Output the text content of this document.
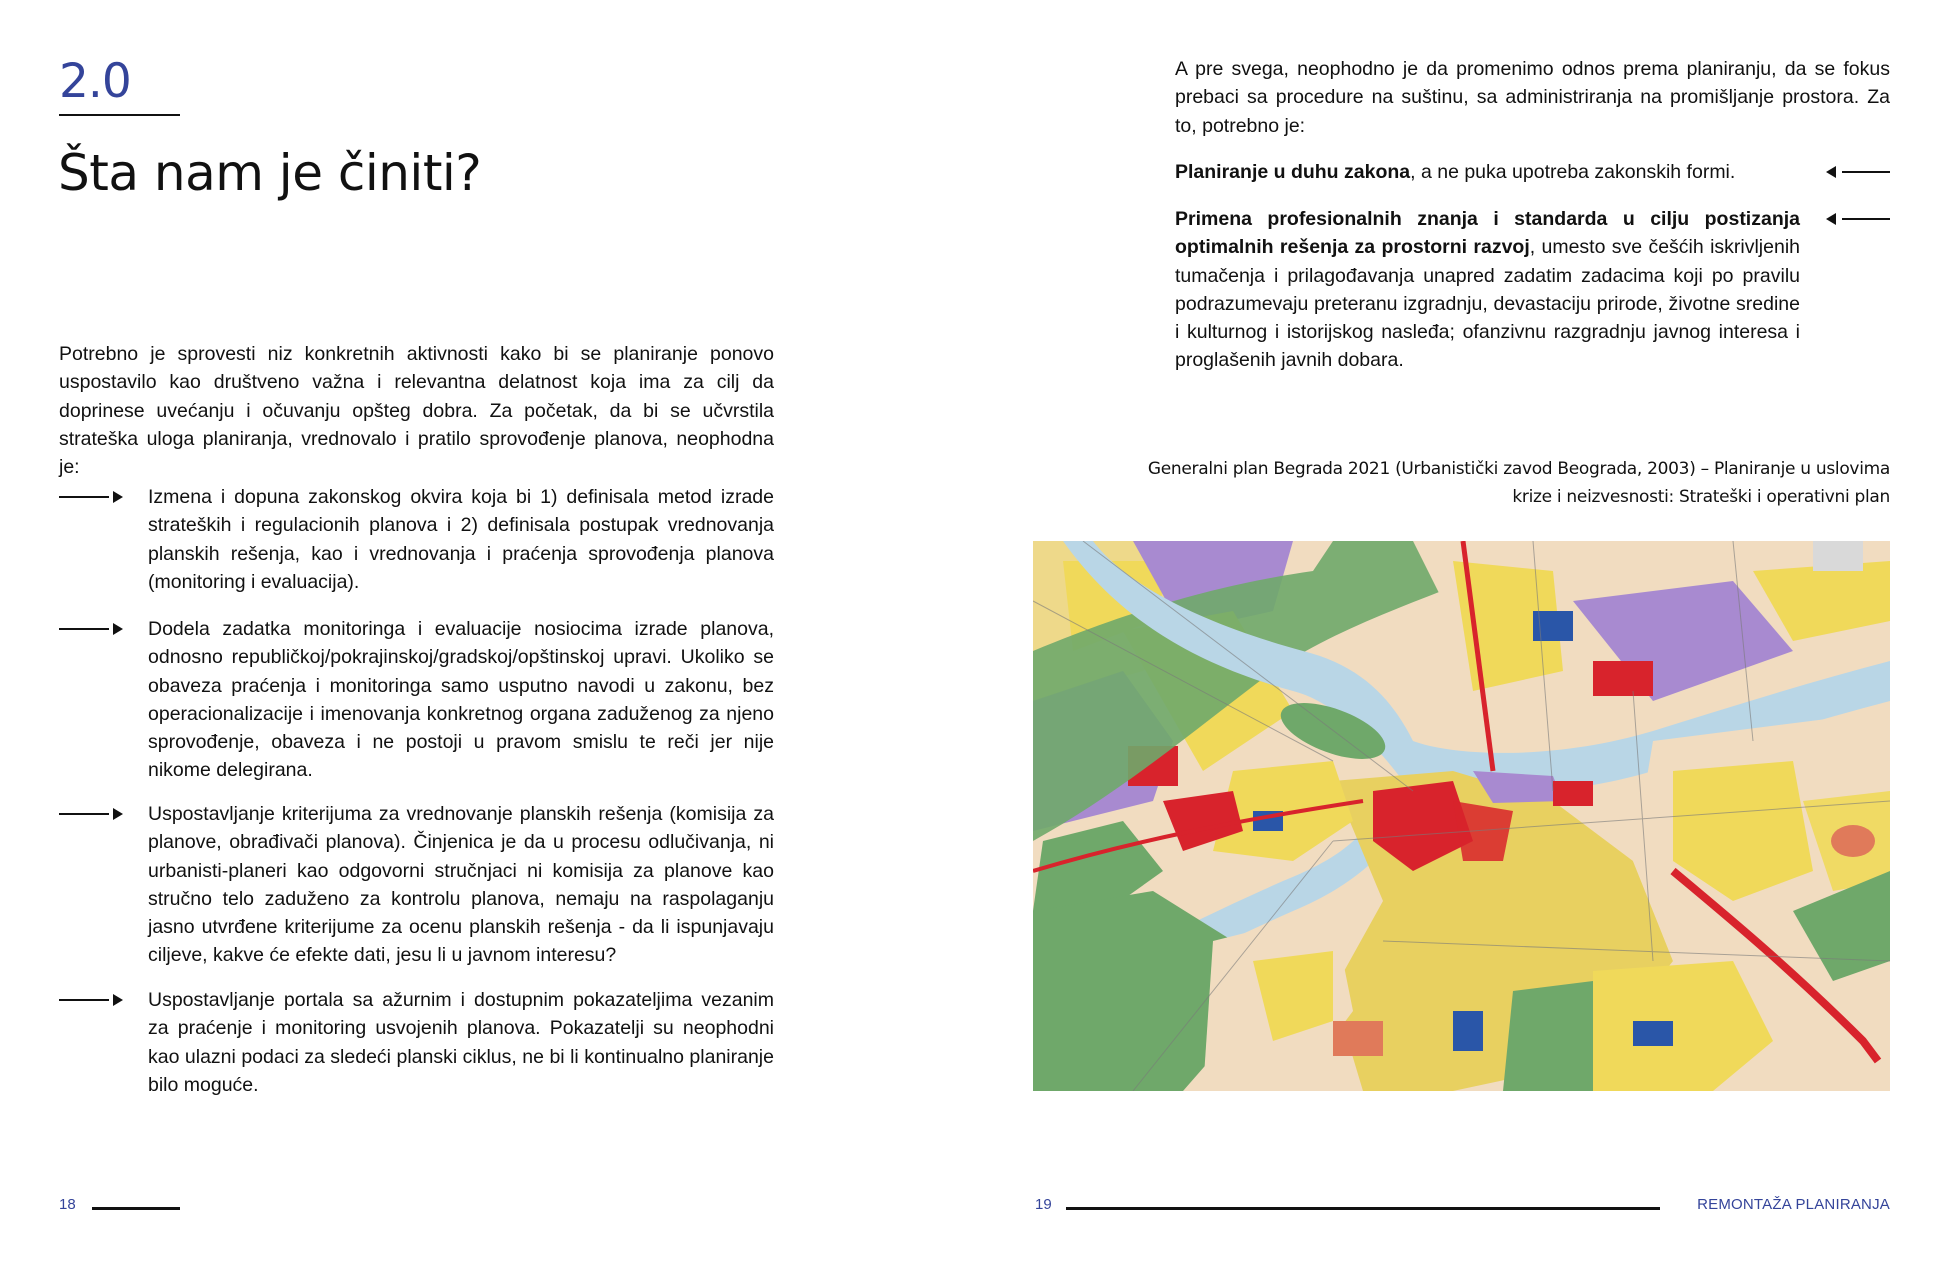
2.0
Šta nam je činiti?

Potrebno je sprovesti niz konkretnih aktivnosti kako bi se planiranje ponovo uspostavilo kao društveno važna i relevantna delatnost koja ima za cilj da doprinese uvećanju i očuvanju opšteg dobra. Za početak, da bi se učvrstila strateška uloga planiranja, vrednovalo i pratilo sprovođenje planova, neophodna je:

Izmena i dopuna zakonskog okvira koja bi 1) definisala metod izrade strateških i regulacionih planova i 2) definisala postupak vrednovanja planskih rešenja, kao i vrednovanja i praćenja sprovođenja planova (monitoring i evaluacija).

Dodela zadatka monitoringa i evaluacije nosiocima izrade planova, odnosno republičkoj/pokrajinskoj/gradskoj/opštinskoj upravi. Ukoliko se obaveza praćenja i monitoringa samo usputno navodi u zakonu, bez operacionalizacije i imenovanja konkretnog organa zaduženog za njeno sprovođenje, obaveza i ne postoji u pravom smislu te reči jer nije nikome delegirana.

Uspostavljanje kriterijuma za vrednovanje planskih rešenja (komisija za planove, obrađivači planova). Činjenica je da u procesu odlučivanja, ni urbanisti-planeri kao odgovorni stručnjaci ni komisija za planove kao stručno telo zaduženo za kontrolu planova, nemaju na raspolaganju jasno utvrđene kriterijume za ocenu planskih rešenja - da li ispunjavaju ciljeve, kakve će efekte dati, jesu li u javnom interesu?

Uspostavljanje portala sa ažurnim i dostupnim pokazateljima vezanim za praćenje i monitoring usvojenih planova. Pokazatelji su neophodni kao ulazni podaci za sledeći planski ciklus, ne bi li kontinualno planiranje bilo moguće.

18

A pre svega, neophodno je da promenimo odnos prema planiranju, da se fokus prebaci sa procedure na suštinu, sa administriranja na promišljanje prostora. Za to, potrebno je:

Planiranje u duhu zakona, a ne puka upotreba zakonskih formi.

Primena profesionalnih znanja i standarda u cilju postizanja optimalnih rešenja za prostorni razvoj, umesto sve češćih iskrivljenih tumačenja i prilagođavanja unapred zadatim zadacima koji po pravilu podrazumevaju preteranu izgradnju, devastaciju prirode, životne sredine i kulturnog i istorijskog nasleđa; ofanzivnu razgradnju javnog interesa i proglašenih javnih dobara.

Generalni plan Begrada 2021 (Urbanistički zavod Beograda, 2003) – Planiranje u uslovima
krize i neizvesnosti: Strateški i operativni plan
19	REMONTAŽA PLANIRANJA
